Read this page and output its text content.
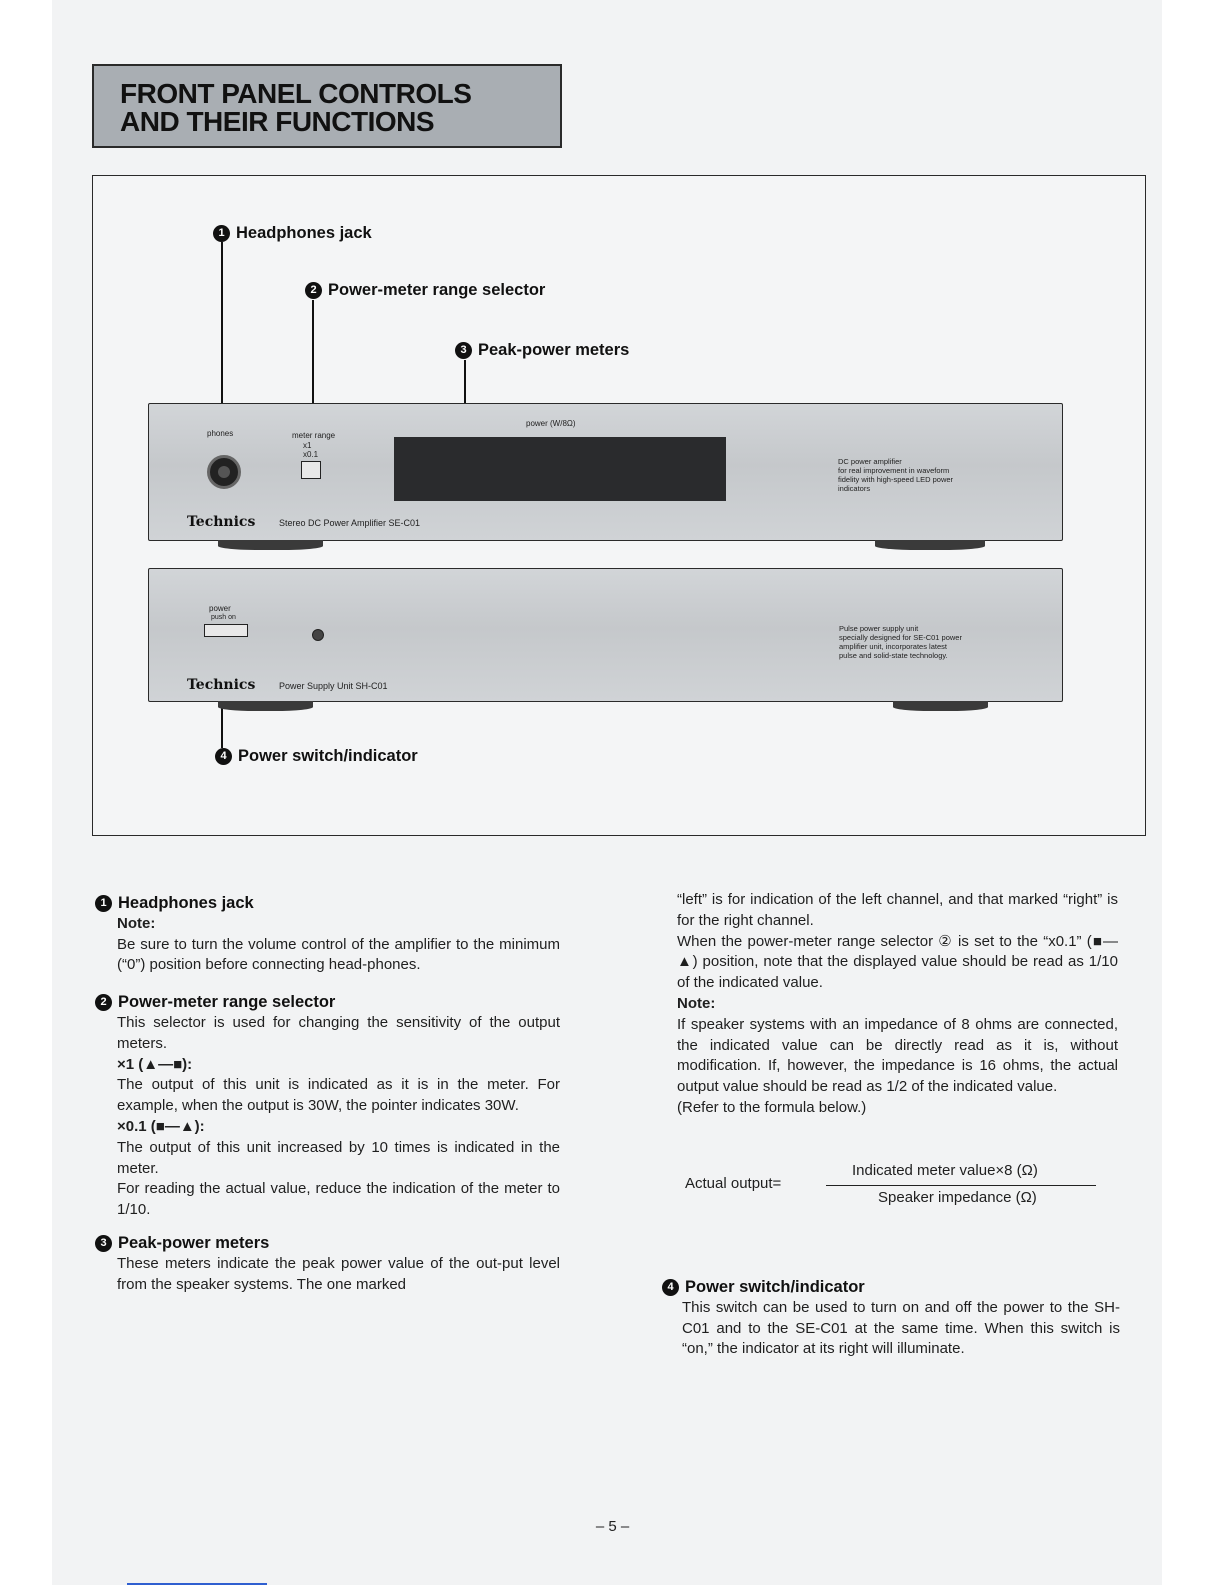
FRONT PANEL CONTROLS
AND THEIR FUNCTIONS
1 Headphones jack
2 Power-meter range selector
3 Peak-power meters
4 Power switch/indicator
phones	meter range
x1
x0.1
power (W/8Ω)
DC power amplifier
for real improvement in waveform
fidelity with high-speed LED power
indicators
Technics	Stereo DC Power Amplifier SE-C01
power
push on
Pulse power supply unit
specially designed for SE-C01 power
amplifier unit, incorporates latest
pulse and solid-state technology.
Technics	Power Supply Unit SH-C01

1 Headphones jack

Note:

Be sure to turn the volume control of the amplifier to the minimum (“0”) position before connecting head-phones.

2 Power-meter range selector

This selector is used for changing the sensitivity of the output meters.

×1 (▲—■):

The output of this unit is indicated as it is in the meter. For example, when the output is 30W, the pointer indicates 30W.

×0.1 (■—▲):

The output of this unit increased by 10 times is indicated in the meter.

For reading the actual value, reduce the indication of the meter to 1/10.

3 Peak-power meters

These meters indicate the peak power value of the out-put level from the speaker systems. The one marked

“left” is for indication of the left channel, and that marked “right” is for the right channel.

When the power-meter range selector ② is set to the “x0.1” (■—▲) position, note that the displayed value should be read as 1/10 of the indicated value.

Note:

If speaker systems with an impedance of 8 ohms are connected, the indicated value can be directly read as it is, without modification. If, however, the impedance is 16 ohms, the actual output value should be read as 1/2 of the indicated value.

(Refer to the formula below.)

Actual output=
Indicated meter value×8 (Ω)
Speaker impedance (Ω)

4 Power switch/indicator

This switch can be used to turn on and off the power to the SH-C01 and to the SE-C01 at the same time. When this switch is “on,” the indicator at its right will illuminate.

– 5 –
